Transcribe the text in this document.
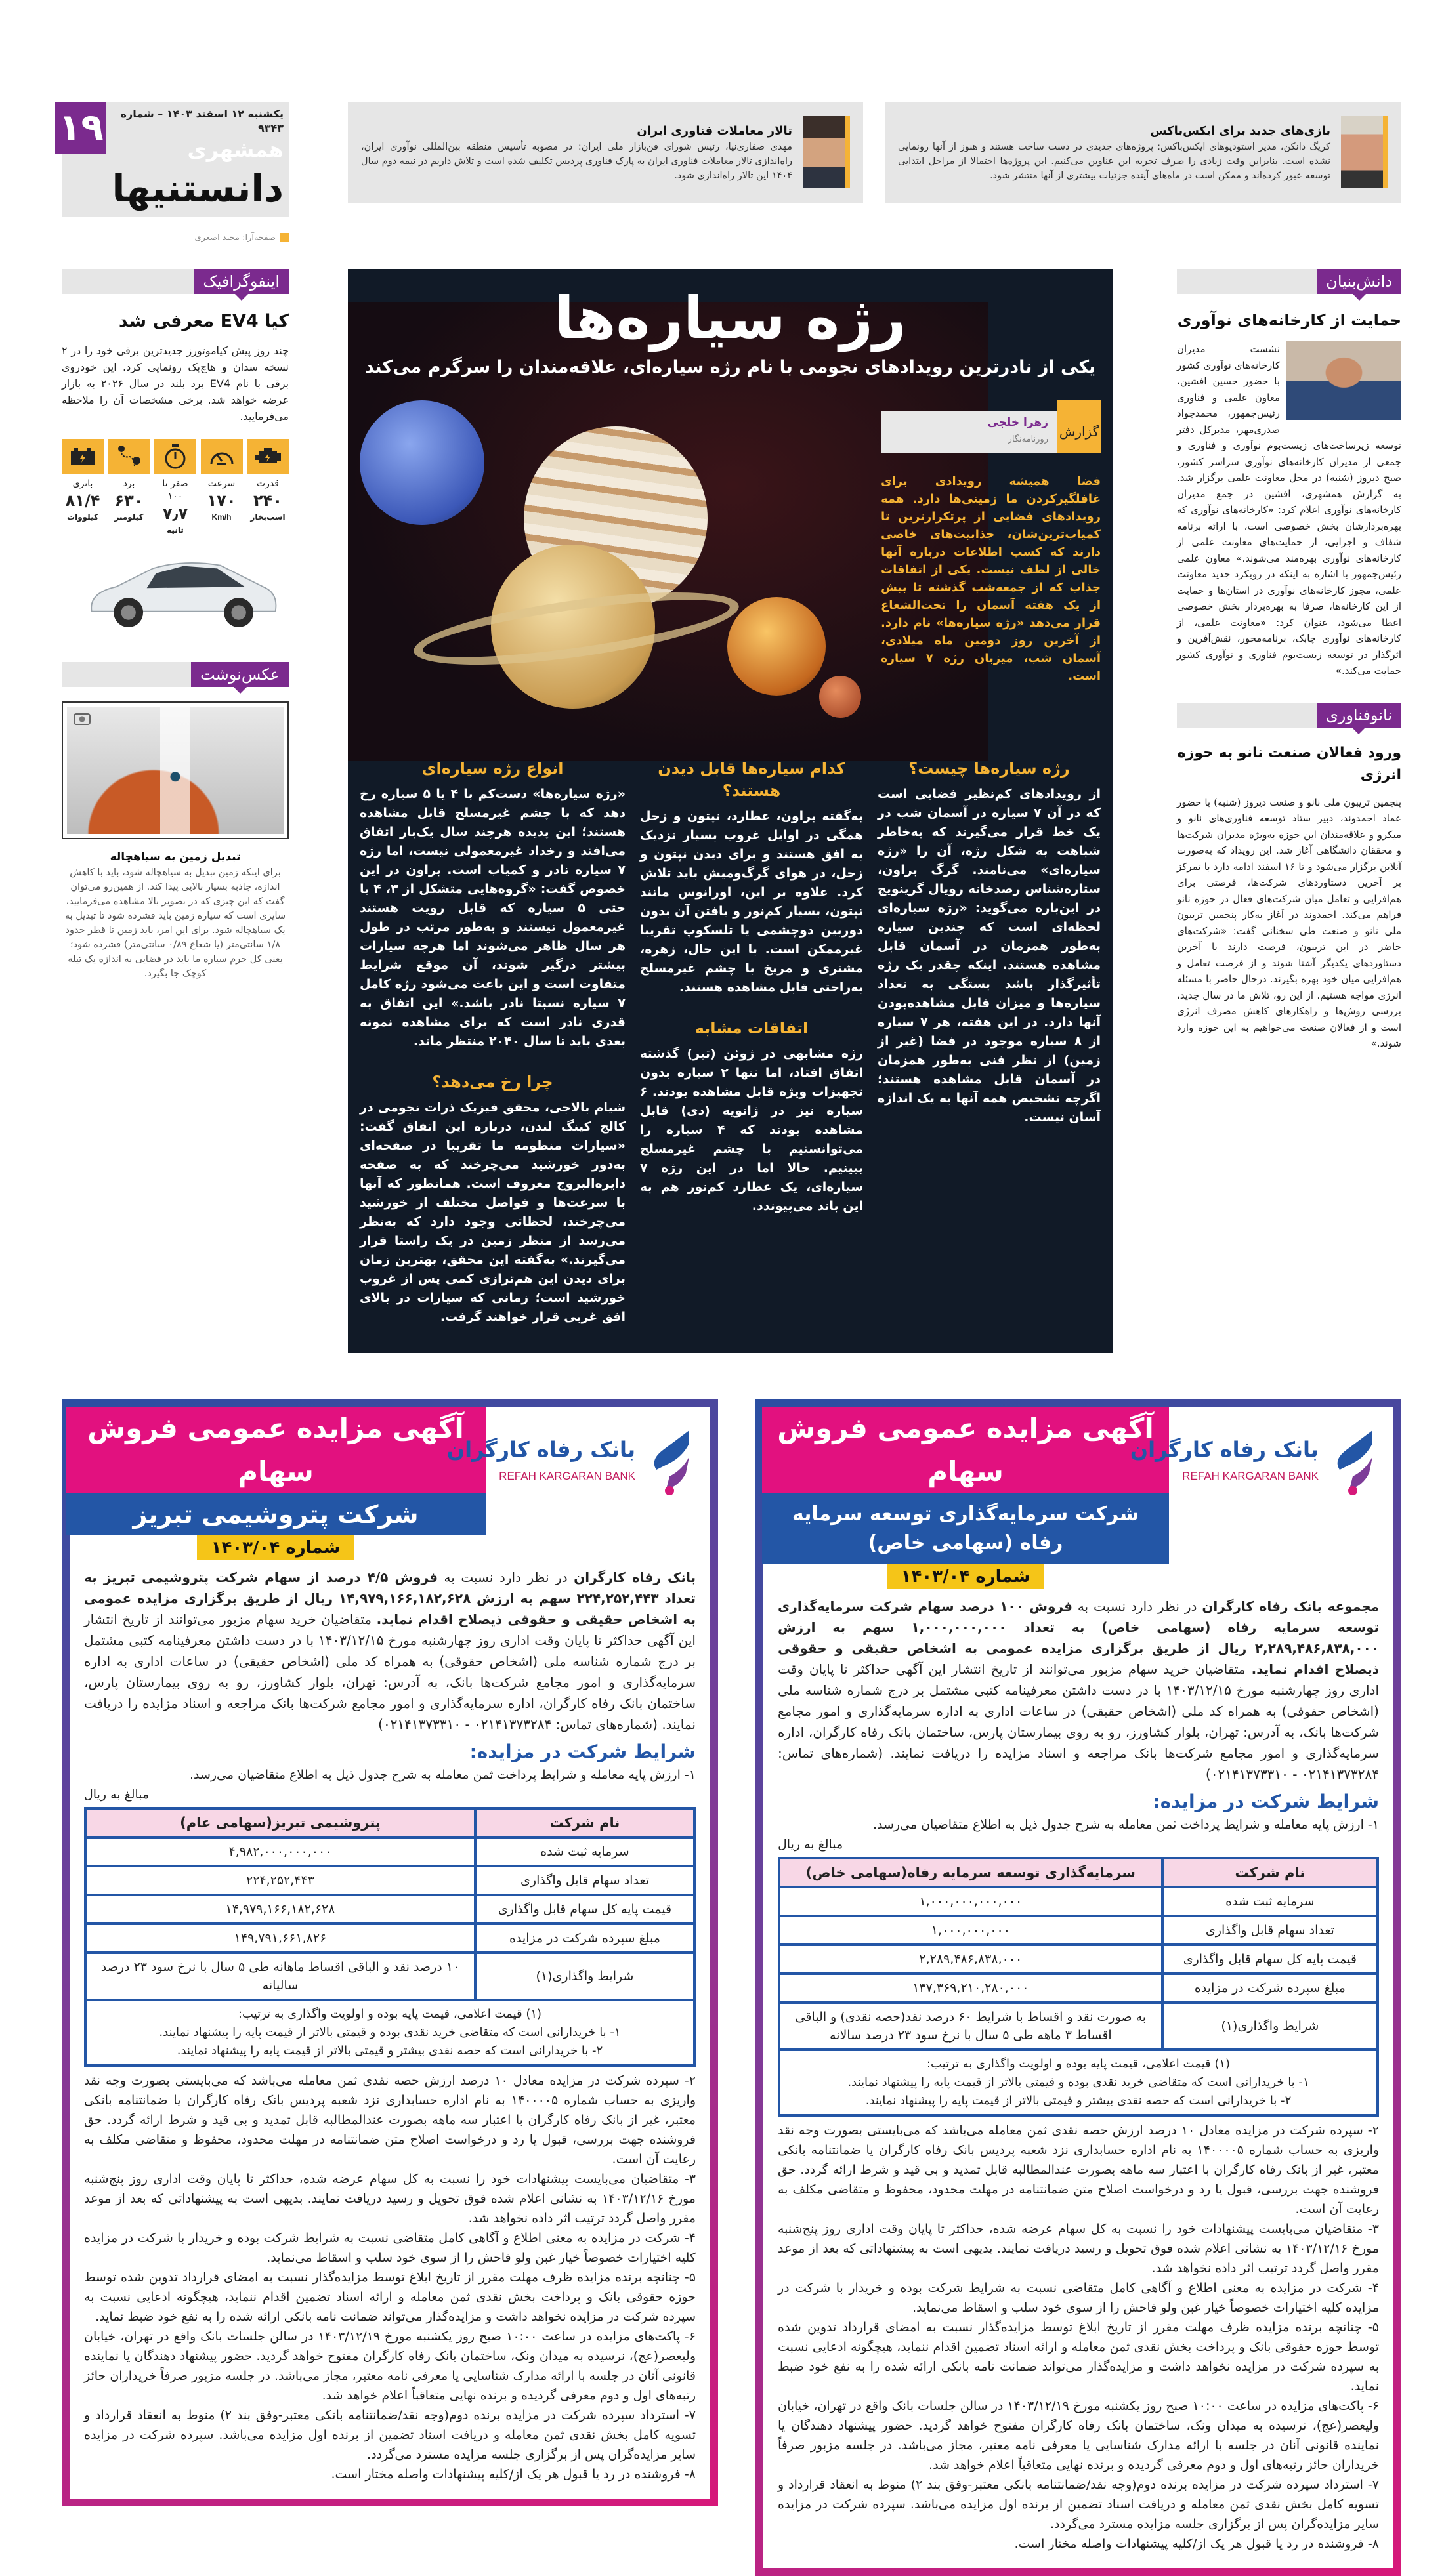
یکشنبه ۱۲ اسفند ۱۴۰۳ – شماره ۹۳۴۳
همشهری
دانستنیها
۱۹
صفحه‌آرا: مجید اصغری
تالار معاملات فناوری ایران
مهدی صفاری‌نیا، رئیس شورای فن‌بازار ملی ایران: در مصوبه تأسیس منطقه بین‌المللی نوآوری ایران، راه‌اندازی تالار معاملات فناوری ایران به پارک فناوری پردیس تکلیف شده است و تلاش داریم در نیمه دوم سال ۱۴۰۴ این تالار راه‌اندازی شود.
بازی‌های جدید برای ایکس‌باکس
کریگ دانکن، مدیر استودیوهای ایکس‌باکس: پروژه‌های جدیدی در دست ساخت هستند و هنوز از آنها رونمایی نشده است. بنابراین وقت زیادی را صرف تجربه این عناوین می‌کنیم. این پروژه‌ها احتمالا از مراحل ابتدایی توسعه عبور کرده‌اند و ممکن است در ماه‌های آینده جزئیات بیشتری از آنها منتشر شود.
دانش‌بنیان
حمایت از کارخانه‌های نوآوری
نشست مدیران کارخانه‌های نوآوری کشور با حضور حسین افشین، معاون علمی و فناوری رئیس‌جمهور، محمدجواد صدری‌مهر، مدیرکل دفتر توسعه زیرساخت‌های زیست‌بوم نوآوری و فناوری و جمعی از مدیران کارخانه‌های نوآوری سراسر کشور، صبح دیروز (شنبه) در محل معاونت علمی برگزار شد. به گزارش همشهری، افشین در جمع مدیران کارخانه‌های نوآوری اعلام کرد: «کارخانه‌های نوآوری که بهره‌بردارشان بخش خصوصی است، با ارائه برنامه شفاف و اجرایی، از حمایت‌های معاونت علمی از کارخانه‌های نوآوری بهره‌مند می‌شوند.» معاون علمی رئیس‌جمهور با اشاره به اینکه در رویکرد جدید معاونت علمی، مجوز کارخانه‌های نوآوری در استان‌ها و حمایت از این کارخانه‌ها، صرفا به بهره‌بردار بخش خصوصی اعطا می‌شود، عنوان کرد: «معاونت علمی، از کارخانه‌های نوآوری چابک، برنامه‌محور، نقش‌آفرین و اثرگذار در توسعه زیست‌بوم فناوری و نوآوری کشور حمایت می‌کند.»
نانوفناوری
ورود فعالان صنعت نانو به حوزه انرژی
پنجمین تریبون ملی نانو و صنعت دیروز (شنبه) با حضور عماد احمدوند، دبیر ستاد توسعه فناوری‌های نانو و میکرو و علاقه‌مندان این حوزه به‌ویژه مدیران شرکت‌ها و محققان دانشگاهی آغاز شد. این رویداد که به‌صورت آنلاین برگزار می‌شود و تا ۱۶ اسفند ادامه دارد با تمرکز بر آخرین دستاوردهای شرکت‌ها، فرصتی برای هم‌افزایی و تعامل میان شرکت‌های فعال در حوزه نانو فراهم می‌کند. احمدوند در آغاز به‌کار پنجمین تریبون ملی نانو و صنعت طی سخنانی گفت: «شرکت‌های حاضر در این تریبون، فرصت دارند با آخرین دستاوردهای یکدیگر آشنا شوند و از فرصت تعامل و هم‌افزایی میان خود بهره بگیرند. درحال حاضر با مسئله انرژی مواجه هستیم. از این رو، تلاش ما در سال جدید، بررسی روش‌ها و راهکارهای کاهش مصرف انرژی است و از فعالان صنعت می‌خواهیم به این حوزه وارد شوند.»
رژه سیاره‌ها
یکی از نادرترین رویدادهای نجومی با نام رژه سیاره‌ای، علاقه‌مندان را سرگرم می‌کند
گزارش
زهرا خلجی
روزنامه‌نگار
فضا همیشه رویدادی برای غافلگیرکردن ما زمینی‌ها دارد. همه رویدادهای فضایی از پرتکرارترین تا کمیاب‌ترین‌شان، جذابیت‌های خاصی دارند که کسب اطلاعات درباره آنها خالی از لطف نیست. یکی از اتفاقات جذاب که از جمعه‌شب گذشته تا بیش از یک هفته آسمان را تحت‌الشعاع قرار می‌دهد «رژه سیاره‌ها» نام دارد. از آخرین روز دومین ماه میلادی، آسمان شب، میزبان رژه ۷ سیاره است.
رژه سیاره‌ها چیست؟
از رویدادهای کم‌نظیر فضایی است که در آن ۷ سیاره در آسمان شب در یک خط قرار می‌گیرند که به‌خاطر شباهت به شکل رژه، آن را «رژه سیاره‌ای» می‌نامند. گرگ براون، ستاره‌شناس رصدخانه رویال گرینویچ در این‌باره می‌گوید: «رژه سیاره‌ای لحظه‌ای است که چندین سیاره به‌طور همزمان در آسمان قابل مشاهده هستند. اینکه چقدر یک رژه تأثیرگذار باشد بستگی به تعداد سیاره‌ها و میزان قابل مشاهده‌بودن آنها دارد. در این هفته، هر ۷ سیاره از ۸ سیاره موجود در فضا (غیر از زمین) از نظر فنی به‌طور همزمان در آسمان قابل مشاهده هستند؛ اگرچه تشخیص همه آنها به یک اندازه آسان نیست.
کدام سیاره‌ها قابل دیدن هستند؟
به‌گفته براون، عطارد، نپتون و زحل همگی در اوایل غروب بسیار نزدیک به افق هستند و برای دیدن نپتون و زحل، در هوای گرگ‌ومیش باید تلاش کرد. علاوه بر این، اورانوس مانند نپتون، بسیار کم‌نور و یافتن آن بدون دوربین دوچشمی یا تلسکوپ تقریبا غیرممکن است. با این حال، زهره، مشتری و مریخ با چشم غیرمسلح به‌راحتی قابل مشاهده هستند.
اتفاقات مشابه
رژه مشابهی در ژوئن (تیر) گذشته اتفاق افتاد، اما تنها ۲ سیاره بدون تجهیزات ویژه قابل مشاهده بودند. ۶ سیاره نیز در ژانویه (دی) قابل مشاهده بودند که ۴ سیاره را می‌توانستیم با چشم غیرمسلح ببینیم. حالا اما در این رژه ۷ سیاره‌ای، یک عطارد کم‌نور هم به این باند می‌پیوندد.
انواع رژه سیاره‌ای
«رژه سیاره‌ها» دست‌کم با ۴ یا ۵ سیاره رخ دهد که با چشم غیرمسلح قابل مشاهده هستند؛ این پدیده هرچند سال یک‌بار اتفاق می‌افتد و رخداد غیرمعمولی نیست، اما رژه ۷ سیاره نادر و کمیاب است. براون در این خصوص گفت: «گروه‌هایی متشکل از ۳، ۴ یا حتی ۵ سیاره که قابل رویت هستند غیرمعمول نیستند و به‌طور مرتب در طول هر سال ظاهر می‌شوند اما هرچه سیارات بیشتر درگیر شوند، آن موقع شرایط متفاوت است و این باعث می‌شود رژه کامل ۷ سیاره نسبتا نادر باشد.» این اتفاق به قدری نادر است که برای مشاهده نمونه بعدی باید تا سال ۲۰۴۰ منتظر ماند.
چرا رخ می‌دهد؟
شیام بالاجی، محقق فیزیک ذرات نجومی در کالج کینگ لندن، درباره این اتفاق گفت: «سیارات منظومه ما تقریبا در صفحه‌ای به‌دور خورشید می‌چرخند که به صفحه دایره‌البروج معروف است. همانطور که آنها با سرعت‌ها و فواصل مختلف از خورشید می‌چرخند، لحظاتی وجود دارد که به‌نظر می‌رسد از منظر زمین در یک راستا قرار می‌گیرند.» به‌گفته این محقق، بهترین زمان برای دیدن این هم‌ترازی کمی پس از غروب خورشید است؛ زمانی که سیارات در بالای افق غربی قرار خواهند گرفت.
اینفوگرافیک
کیا EV4 معرفی شد
چند روز پیش کیاموتورز جدیدترین برقی خود را در ۲ نسخه سدان و هاچ‌بک رونمایی کرد. این خودروی برقی با نام EV4 برد بلند در سال ۲۰۲۶ به بازار عرضه خواهد شد. برخی مشخصات آن را ملاحظه می‌فرمایید.
قدرت
۲۴۰
اسب‌بخار
سرعت
۱۷۰
Km/h
صفر تا ۱۰۰
۷٫۷
ثانیه
برد
۶۳۰
کیلومتر
باتری
۸۱/۴
کیلووات
عکس‌نوشت
تبدیل زمین به سیاهچاله
برای اینکه زمین تبدیل به سیاهچاله شود، باید با کاهش اندازه، جاذبه بسیار بالایی پیدا کند. از همین‌رو می‌توان گفت که این چیزی که در تصویر بالا مشاهده می‌فرمایید، سایزی است که سیاره زمین باید فشرده شود تا تبدیل به یک سیاهچاله شود. برای این امر، باید زمین تا قطر حدود ۱/۸ سانتی‌متر (یا شعاع ۰/۸۹ سانتی‌متر) فشرده شود؛ یعنی کل جرم سیاره ما باید در فضایی به اندازه یک تیله کوچک جا بگیرد.
بانک رفاه کارگران
REFAH KARGARAN BANK
آگهی مزایده عمومی فروش سهام
شرکت سرمایه‌گذاری توسعه سرمایه رفاه (سهامی خاص)
شماره ۱۴۰۳/۰۴
مجموعه بانک رفاه کارگران در نظر دارد نسبت به فروش ۱۰۰ درصد سهام شرکت سرمایه‌گذاری توسعه سرمایه رفاه (سهامی خاص) به تعداد ۱,۰۰۰,۰۰۰,۰۰۰ سهم به ارزش ۲,۲۸۹,۴۸۶,۸۳۸,۰۰۰ ریال از طریق برگزاری مزایده عمومی به اشخاص حقیقی و حقوقی ذیصلاح اقدام نماید. متقاضیان خرید سهام مزبور می‌توانند از تاریخ انتشار این آگهی حداکثر تا پایان وقت اداری روز چهارشنبه مورخ ۱۴۰۳/۱۲/۱۵ با در دست داشتن معرفینامه کتبی مشتمل بر درج شماره شناسه ملی (اشخاص حقوقی) به همراه کد ملی (اشخاص حقیقی) در ساعات اداری به اداره سرمایه‌گذاری و امور مجامع شرکت‌ها بانک، به آدرس: تهران، بلوار کشاورز، رو به روی بیمارستان پارس، ساختمان بانک رفاه کارگران، اداره سرمایه‌گذاری و امور مجامع شرکت‌ها بانک مراجعه و اسناد مزایده را دریافت نمایند. (شماره‌های تماس: ۰۲۱۴۱۳۷۳۲۸۴ - ۰۲۱۴۱۳۷۳۳۱۰)
شرایط شرکت در مزایده:
۱- ارزش پایه معامله و شرایط پرداخت ثمن معامله به شرح جدول ذیل به اطلاع متقاضیان می‌رسد.
مبالغ به ریال
نام شرکت	سرمایه‌گذاری توسعه سرمایه رفاه(سهامی خاص)
سرمایه ثبت شده	۱,۰۰۰,۰۰۰,۰۰۰,۰۰۰
تعداد سهام قابل واگذاری	۱,۰۰۰,۰۰۰,۰۰۰
قیمت پایه کل سهام قابل واگذاری	۲,۲۸۹,۴۸۶,۸۳۸,۰۰۰
مبلغ سپرده شرکت در مزایده	۱۳۷,۳۶۹,۲۱۰,۲۸۰,۰۰۰
شرایط واگذاری(۱)	به صورت نقد و اقساط با شرایط ۶۰ درصد نقد(حصه نقدی) و الباقی اقساط ۳ ماهه طی ۵ سال با نرخ سود ۲۳ درصد سالانه

(۱) قیمت اعلامی، قیمت پایه بوده و اولویت واگذاری به ترتیب:
۱- با خریدارانی است که متقاضی خرید نقدی بوده و قیمتی بالاتر از قیمت پایه را پیشنهاد نمایند.
۲- با خریدارانی است که حصه نقدی بیشتر و قیمتی بالاتر از قیمت پایه را پیشنهاد نمایند.	
۲- سپرده شرکت در مزایده معادل ۱۰ درصد ارزش حصه نقدی ثمن معامله می‌باشد که می‌بایستی بصورت وجه نقد واریزی به حساب شماره ۱۴۰۰۰۰۵ به نام اداره حسابداری نزد شعبه پردیس بانک رفاه کارگران یا ضمانتنامه بانکی معتبر، غیر از بانک رفاه کارگران با اعتبار سه ماهه بصورت عندالمطالبه قابل تمدید و بی قید و شرط ارائه گردد. حق فروشنده جهت بررسی، قبول یا رد و درخواست اصلاح متن ضمانتنامه در مهلت محدود، محفوظ و متقاضی مکلف به رعایت آن است.
۳- متقاضیان می‌بایست پیشنهادات خود را نسبت به کل سهام عرضه شده، حداکثر تا پایان وقت اداری روز پنج‌شنبه مورخ ۱۴۰۳/۱۲/۱۶ به نشانی اعلام شده فوق تحویل و رسید دریافت نمایند. بدیهی است به پیشنهاداتی که بعد از موعد مقرر واصل گردد ترتیب اثر داده نخواهد شد.
۴- شرکت در مزایده به معنی اطلاع و آگاهی کامل متقاضی نسبت به شرایط شرکت بوده و خریدار با شرکت در مزایده کلیه اختیارات خصوصاً خیار غبن ولو فاحش را از سوی خود سلب و اسقاط می‌نماید.
۵- چنانچه برنده مزایده ظرف مهلت مقرر از تاریخ ابلاغ توسط مزایده‌گذار نسبت به امضای قرارداد تدوین شده توسط حوزه حقوقی بانک و پرداخت بخش نقدی ثمن معامله و ارائه اسناد تضمین اقدام ننماید، هیچگونه ادعایی نسبت به سپرده شرکت در مزایده نخواهد داشت و مزایده‌گذار می‌تواند ضمانت نامه بانکی ارائه شده را به نفع خود ضبط نماید.
۶- پاکت‌های مزایده در ساعت ۱۰:۰۰ صبح روز یکشنبه مورخ ۱۴۰۳/۱۲/۱۹ در سالن جلسات بانک واقع در تهران، خیابان ولیعصر(عج)، نرسیده به میدان ونک، ساختمان بانک رفاه کارگران مفتوح خواهد گردید. حضور پیشنهاد دهندگان یا نماینده قانونی آنان در جلسه با ارائه مدارک شناسایی یا معرفی نامه معتبر، مجاز می‌باشد. در جلسه مزبور صرفاً خریداران حائز رتبه‌های اول و دوم معرفی گردیده و برنده نهایی متعاقباً اعلام خواهد شد.
۷- استرداد سپرده شرکت در مزایده برنده دوم(وجه نقد/ضمانتنامه بانکی معتبر-وفق بند ۲) منوط به انعقاد قرارداد و تسویه کامل بخش نقدی ثمن معامله و دریافت اسناد تضمین از برنده اول مزایده می‌باشد. سپرده شرکت در مزایده سایر مزایده‌گران پس از برگزاری جلسه مزایده مسترد می‌گردد.
۸- فروشنده در رد یا قبول هر یک از/کلیه پیشنهادات واصله مختار است.
بانک رفاه کارگران
REFAH KARGARAN BANK
آگهی مزایده عمومی فروش سهام
شرکت پتروشیمی تبریز
شماره ۱۴۰۳/۰۴
بانک رفاه کارگران در نظر دارد نسبت به فروش ۴/۵ درصد از سهام شرکت پتروشیمی تبریز به تعداد ۲۲۴,۲۵۲,۴۴۳ سهم به ارزش ۱۴,۹۷۹,۱۶۶,۱۸۲,۶۲۸ ریال از طریق برگزاری مزایده عمومی به اشخاص حقیقی و حقوقی ذیصلاح اقدام نماید. متقاضیان خرید سهام مزبور می‌توانند از تاریخ انتشار این آگهی حداکثر تا پایان وقت اداری روز چهارشنبه مورخ ۱۴۰۳/۱۲/۱۵ با در دست داشتن معرفینامه کتبی مشتمل بر درج شماره شناسه ملی (اشخاص حقوقی) به همراه کد ملی (اشخاص حقیقی) در ساعات اداری به اداره سرمایه‌گذاری و امور مجامع شرکت‌ها بانک، به آدرس: تهران، بلوار کشاورز، رو به روی بیمارستان پارس، ساختمان بانک رفاه کارگران، اداره سرمایه‌گذاری و امور مجامع شرکت‌ها بانک مراجعه و اسناد مزایده را دریافت نمایند. (شماره‌های تماس: ۰۲۱۴۱۳۷۳۲۸۴ - ۰۲۱۴۱۳۷۳۳۱۰)
شرایط شرکت در مزایده:
۱- ارزش پایه معامله و شرایط پرداخت ثمن معامله به شرح جدول ذیل به اطلاع متقاضیان می‌رسد.
مبالغ به ریال
نام شرکت	پتروشیمی تبریز(سهامی عام)
سرمایه ثبت شده	۴,۹۸۲,۰۰۰,۰۰۰,۰۰۰
تعداد سهام قابل واگذاری	۲۲۴,۲۵۲,۴۴۳
قیمت پایه کل سهام قابل واگذاری	۱۴,۹۷۹,۱۶۶,۱۸۲,۶۲۸
مبلغ سپرده شرکت در مزایده	۱۴۹,۷۹۱,۶۶۱,۸۲۶
شرایط واگذاری(۱)	۱۰ درصد نقد و الباقی اقساط ماهانه طی ۵ سال با نرخ سود ۲۳ درصد سالیانه

(۱) قیمت اعلامی، قیمت پایه بوده و اولویت واگذاری به ترتیب:
۱- با خریدارانی است که متقاضی خرید نقدی بوده و قیمتی بالاتر از قیمت پایه را پیشنهاد نمایند.
۲- با خریدارانی است که حصه نقدی بیشتر و قیمتی بالاتر از قیمت پایه را پیشنهاد نمایند.	
۲- سپرده شرکت در مزایده معادل ۱۰ درصد ارزش حصه نقدی ثمن معامله می‌باشد که می‌بایستی بصورت وجه نقد واریزی به حساب شماره ۱۴۰۰۰۰۵ به نام اداره حسابداری نزد شعبه پردیس بانک رفاه کارگران یا ضمانتنامه بانکی معتبر، غیر از بانک رفاه کارگران با اعتبار سه ماهه بصورت عندالمطالبه قابل تمدید و بی قید و شرط ارائه گردد. حق فروشنده جهت بررسی، قبول یا رد و درخواست اصلاح متن ضمانتنامه در مهلت محدود، محفوظ و متقاضی مکلف به رعایت آن است.
۳- متقاضیان می‌بایست پیشنهادات خود را نسبت به کل سهام عرضه شده، حداکثر تا پایان وقت اداری روز پنج‌شنبه مورخ ۱۴۰۳/۱۲/۱۶ به نشانی اعلام شده فوق تحویل و رسید دریافت نمایند. بدیهی است به پیشنهاداتی که بعد از موعد مقرر واصل گردد ترتیب اثر داده نخواهد شد.
۴- شرکت در مزایده به معنی اطلاع و آگاهی کامل متقاضی نسبت به شرایط شرکت بوده و خریدار با شرکت در مزایده کلیه اختیارات خصوصاً خیار غبن ولو فاحش را از سوی خود سلب و اسقاط می‌نماید.
۵- چنانچه برنده مزایده ظرف مهلت مقرر از تاریخ ابلاغ توسط مزایده‌گذار نسبت به امضای قرارداد تدوین شده توسط حوزه حقوقی بانک و پرداخت بخش نقدی ثمن معامله و ارائه اسناد تضمین اقدام ننماید، هیچگونه ادعایی نسبت به سپرده شرکت در مزایده نخواهد داشت و مزایده‌گذار می‌تواند ضمانت نامه بانکی ارائه شده را به نفع خود ضبط نماید.
۶- پاکت‌های مزایده در ساعت ۱۰:۰۰ صبح روز یکشنبه مورخ ۱۴۰۳/۱۲/۱۹ در سالن جلسات بانک واقع در تهران، خیابان ولیعصر(عج)، نرسیده به میدان ونک، ساختمان بانک رفاه کارگران مفتوح خواهد گردید. حضور پیشنهاد دهندگان یا نماینده قانونی آنان در جلسه با ارائه مدارک شناسایی یا معرفی نامه معتبر، مجاز می‌باشد. در جلسه مزبور صرفاً خریداران حائز رتبه‌های اول و دوم معرفی گردیده و برنده نهایی متعاقباً اعلام خواهد شد.
۷- استرداد سپرده شرکت در مزایده برنده دوم(وجه نقد/ضمانتنامه بانکی معتبر-وفق بند ۲) منوط به انعقاد قرارداد و تسویه کامل بخش نقدی ثمن معامله و دریافت اسناد تضمین از برنده اول مزایده می‌باشد. سپرده شرکت در مزایده سایر مزایده‌گران پس از برگزاری جلسه مزایده مسترد می‌گردد.
۸- فروشنده در رد یا قبول هر یک از/کلیه پیشنهادات واصله مختار است.
